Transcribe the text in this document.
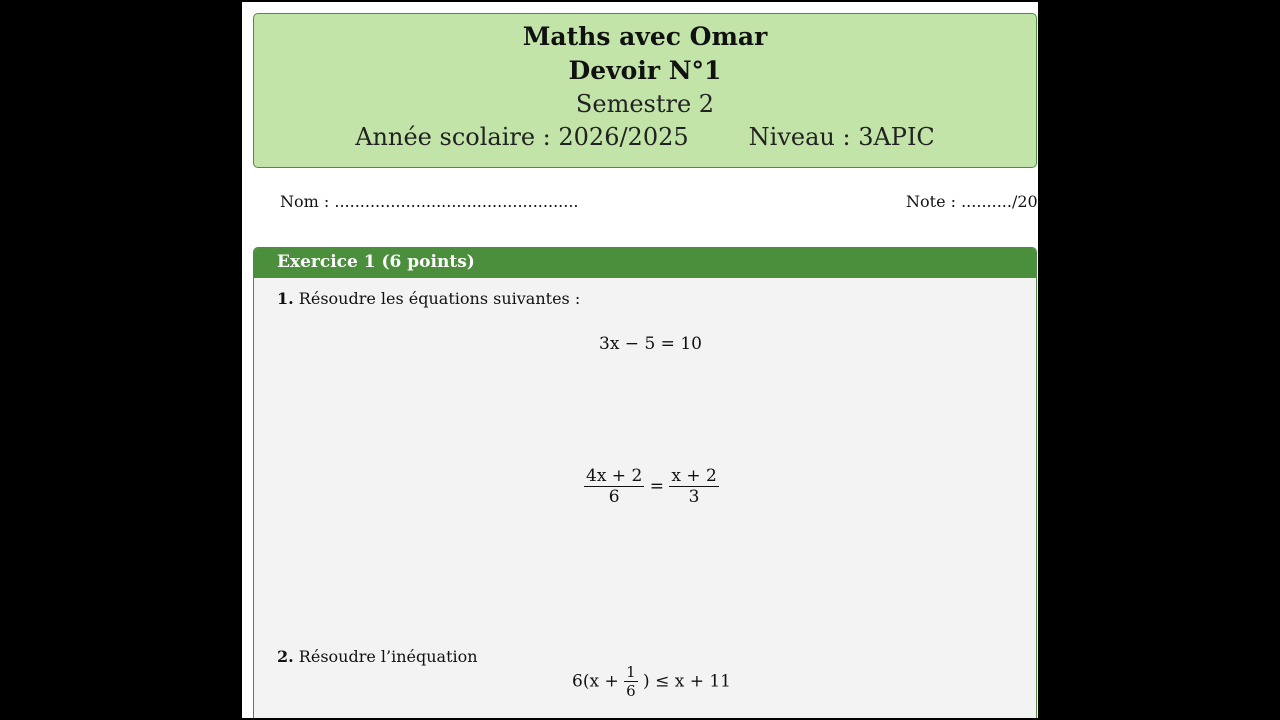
Maths avec Omar
Devoir N°1
Semestre 2
Année scolaire : 2026/2025	Niveau : 3APIC
Nom : ................................................	Note : ........../20
Exercice 1 (6 points)
1. Résoudre les équations suivantes :
3x − 5 = 10
$\frac{4x + 2}{6} = \frac{x + 2}{3}$
2. Résoudre l’inéquation
$6(x + \frac{1}{6}$ ) ≤ x + 11
